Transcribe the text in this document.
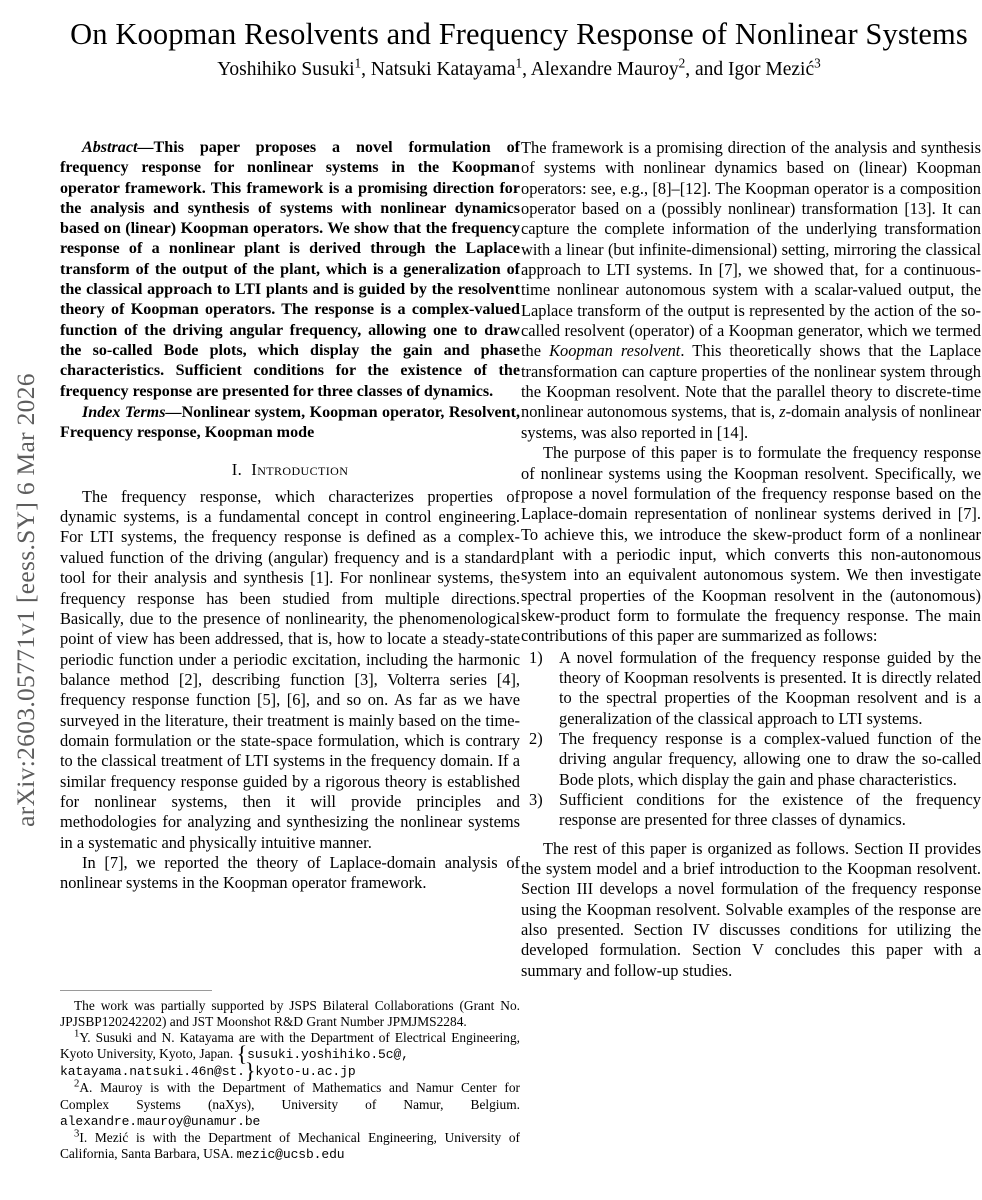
arXiv:2603.05771v1 [eess.SY] 6 Mar 2026
On Koopman Resolvents and Frequency Response of Nonlinear Systems
Yoshihiko Susuki$^1$, Natsuki Katayama$^1$, Alexandre Mauroy$^2$, and Igor Mezić$^3$

Abstract—This paper proposes a novel formulation of frequency response for nonlinear systems in the Koopman operator framework. This framework is a promising direction for the analysis and synthesis of systems with nonlinear dynamics based on (linear) Koopman operators. We show that the frequency response of a nonlinear plant is derived through the Laplace transform of the output of the plant, which is a generalization of the classical approach to LTI plants and is guided by the resolvent theory of Koopman operators. The response is a complex-valued function of the driving angular frequency, allowing one to draw the so-called Bode plots, which display the gain and phase characteristics. Sufficient conditions for the existence of the frequency response are presented for three classes of dynamics.

Index Terms—Nonlinear system, Koopman operator, Resolvent, Frequency response, Koopman mode

I. Introduction

The frequency response, which characterizes properties of dynamic systems, is a fundamental concept in control engineering. For LTI systems, the frequency response is defined as a complex-valued function of the driving (angular) frequency and is a standard tool for their analysis and synthesis [1]. For nonlinear systems, the frequency response has been studied from multiple directions. Basically, due to the presence of nonlinearity, the phenomenological point of view has been addressed, that is, how to locate a steady-state periodic function under a periodic excitation, including the harmonic balance method [2], describing function [3], Volterra series [4], frequency response function [5], [6], and so on. As far as we have surveyed in the literature, their treatment is mainly based on the time-domain formulation or the state-space formulation, which is contrary to the classical treatment of LTI systems in the frequency domain. If a similar frequency response guided by a rigorous theory is established for nonlinear systems, then it will provide principles and methodologies for analyzing and synthesizing the nonlinear systems in a systematic and physically intuitive manner.

In [7], we reported the theory of Laplace-domain analysis of nonlinear systems in the Koopman operator framework.

The framework is a promising direction of the analysis and synthesis of systems with nonlinear dynamics based on (linear) Koopman operators: see, e.g., [8]–[12]. The Koopman operator is a composition operator based on a (possibly nonlinear) transformation [13]. It can capture the complete information of the underlying transformation with a linear (but infinite-dimensional) setting, mirroring the classical approach to LTI systems. In [7], we showed that, for a continuous-time nonlinear autonomous system with a scalar-valued output, the Laplace transform of the output is represented by the action of the so-called resolvent (operator) of a Koopman generator, which we termed the Koopman resolvent. This theoretically shows that the Laplace transformation can capture properties of the nonlinear system through the Koopman resolvent. Note that the parallel theory to discrete-time nonlinear autonomous systems, that is, z-domain analysis of nonlinear systems, was also reported in [14].

The purpose of this paper is to formulate the frequency response of nonlinear systems using the Koopman resolvent. Specifically, we propose a novel formulation of the frequency response based on the Laplace-domain representation of nonlinear systems derived in [7]. To achieve this, we introduce the skew-product form of a nonlinear plant with a periodic input, which converts this non-autonomous system into an equivalent autonomous system. We then investigate spectral properties of the Koopman resolvent in the (autonomous) skew-product form to formulate the frequency response. The main contributions of this paper are summarized as follows:

1) A novel formulation of the frequency response guided by the theory of Koopman resolvents is presented. It is directly related to the spectral properties of the Koopman resolvent and is a generalization of the classical approach to LTI systems.
2) The frequency response is a complex-valued function of the driving angular frequency, allowing one to draw the so-called Bode plots, which display the gain and phase characteristics.
3) Sufficient conditions for the existence of the frequency response are presented for three classes of dynamics.

The rest of this paper is organized as follows. Section II provides the system model and a brief introduction to the Koopman resolvent. Section III develops a novel formulation of the frequency response using the Koopman resolvent. Solvable examples of the response are also presented. Section IV discusses conditions for utilizing the developed formulation. Section V concludes this paper with a summary and follow-up studies.

The work was partially supported by JSPS Bilateral Collaborations (Grant No. JPJSBP120242202) and JST Moonshot R&D Grant Number JPMJMS2284.

$^1$Y. Susuki and N. Katayama are with the Department of Electrical Engineering, Kyoto University, Kyoto, Japan. {susuki.yoshihiko.5c@,
katayama.natsuki.46n@st.}kyoto-u.ac.jp

$^2$A. Mauroy is with the Department of Mathematics and Namur Center for Complex Systems (naXys), University of Namur, Belgium. alexandre.mauroy@unamur.be

$^3$I. Mezić is with the Department of Mechanical Engineering, University of California, Santa Barbara, USA. mezic@ucsb.edu
